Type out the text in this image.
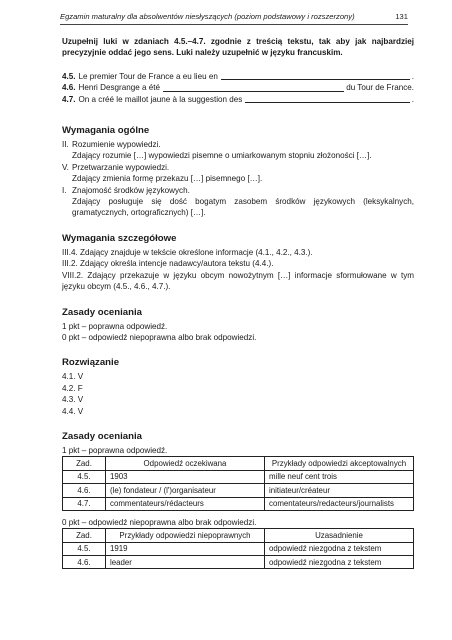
Egzamin maturalny dla absolwentów niesłyszących (poziom podstawowy i rozszerzony)	131

Uzupełnij luki w zdaniach 4.5.–4.7. zgodnie z treścią tekstu, tak aby jak najbardziej precyzyjnie oddać jego sens. Luki należy uzupełnić w języku francuskim.

4.5. Le premier Tour de France a eu lieu en	.
4.6. Henri Desgrange a été	du Tour de France.
4.7. On a créé le maillot jaune à la suggestion des	.
Wymagania ogólne
II. Rozumienie wypowiedzi.

Zdający rozumie […] wypowiedzi pisemne o umiarkowanym stopniu złożoności […].

V. Przetwarzanie wypowiedzi.

Zdający zmienia formę przekazu […] pisemnego […].

I. Znajomość środków językowych.

Zdający posługuje się dość bogatym zasobem środków językowych (leksykalnych, gramatycznych, ortograficznych) […].

Wymagania szczegółowe

III.4. Zdający znajduje w tekście określone informacje (4.1., 4.2., 4.3.).

III.2. Zdający określa intencje nadawcy/autora tekstu (4.4.).

VIII.2. Zdający przekazuje w języku obcym nowożytnym […] informacje sformułowane w tym języku obcym (4.5., 4.6., 4.7.).

Zasady oceniania

1 pkt – poprawna odpowiedź.

0 pkt – odpowiedź niepoprawna albo brak odpowiedzi.

Rozwiązanie

4.1. V

4.2. F

4.3. V

4.4. V

Zasady oceniania

1 pkt – poprawna odpowiedź.

Zad.	Odpowiedź oczekiwana	Przykłady odpowiedzi akceptowalnych
4.5.	1903	mille neuf cent trois
4.6.	(le) fondateur / (l')organisateur	initiateur/créateur
4.7.	commentateurs/rédacteurs	comentateurs/redacteurs/journalists

0 pkt – odpowiedź niepoprawna albo brak odpowiedzi.

Zad.	Przykłady odpowiedzi niepoprawnych	Uzasadnienie
4.5.	1919	odpowiedź niezgodna z tekstem
4.6.	leader	odpowiedź niezgodna z tekstem
